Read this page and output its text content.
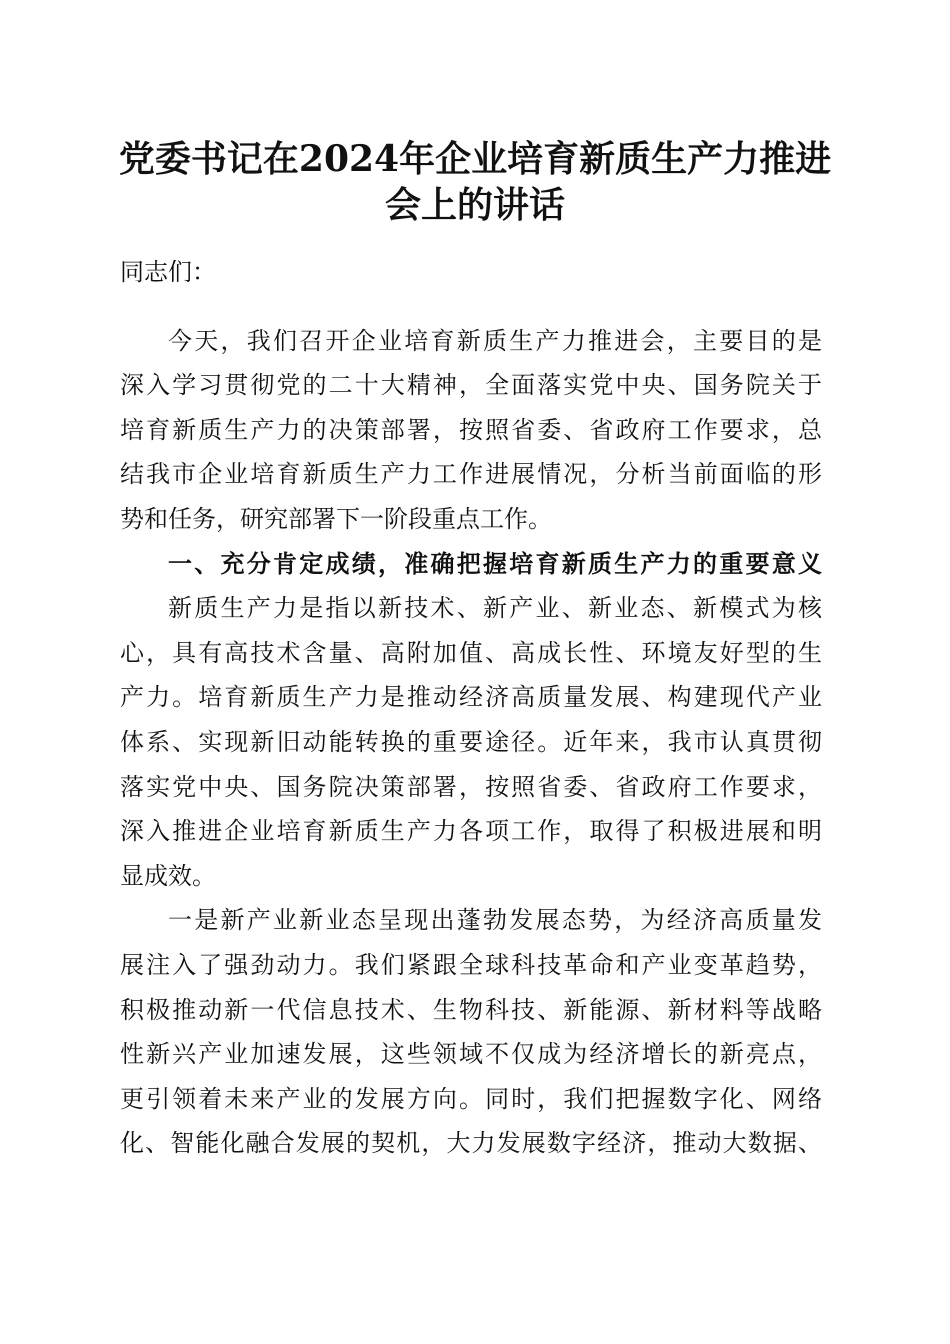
党委书记在2024年企业培育新质生产力推进
会上的讲话
同志们：
今天，我们召开企业培育新质生产力推进会，主要目的是
深入学习贯彻党的二十大精神，全面落实党中央、国务院关于
培育新质生产力的决策部署，按照省委、省政府工作要求，总
结我市企业培育新质生产力工作进展情况，分析当前面临的形
势和任务，研究部署下一阶段重点工作。
一、充分肯定成绩，准确把握培育新质生产力的重要意义
新质生产力是指以新技术、新产业、新业态、新模式为核
心，具有高技术含量、高附加值、高成长性、环境友好型的生
产力。培育新质生产力是推动经济高质量发展、构建现代产业
体系、实现新旧动能转换的重要途径。近年来，我市认真贯彻
落实党中央、国务院决策部署，按照省委、省政府工作要求，
深入推进企业培育新质生产力各项工作，取得了积极进展和明
显成效。
一是新产业新业态呈现出蓬勃发展态势，为经济高质量发
展注入了强劲动力。我们紧跟全球科技革命和产业变革趋势，
积极推动新一代信息技术、生物科技、新能源、新材料等战略
性新兴产业加速发展，这些领域不仅成为经济增长的新亮点，
更引领着未来产业的发展方向。同时，我们把握数字化、网络
化、智能化融合发展的契机，大力发展数字经济，推动大数据、
